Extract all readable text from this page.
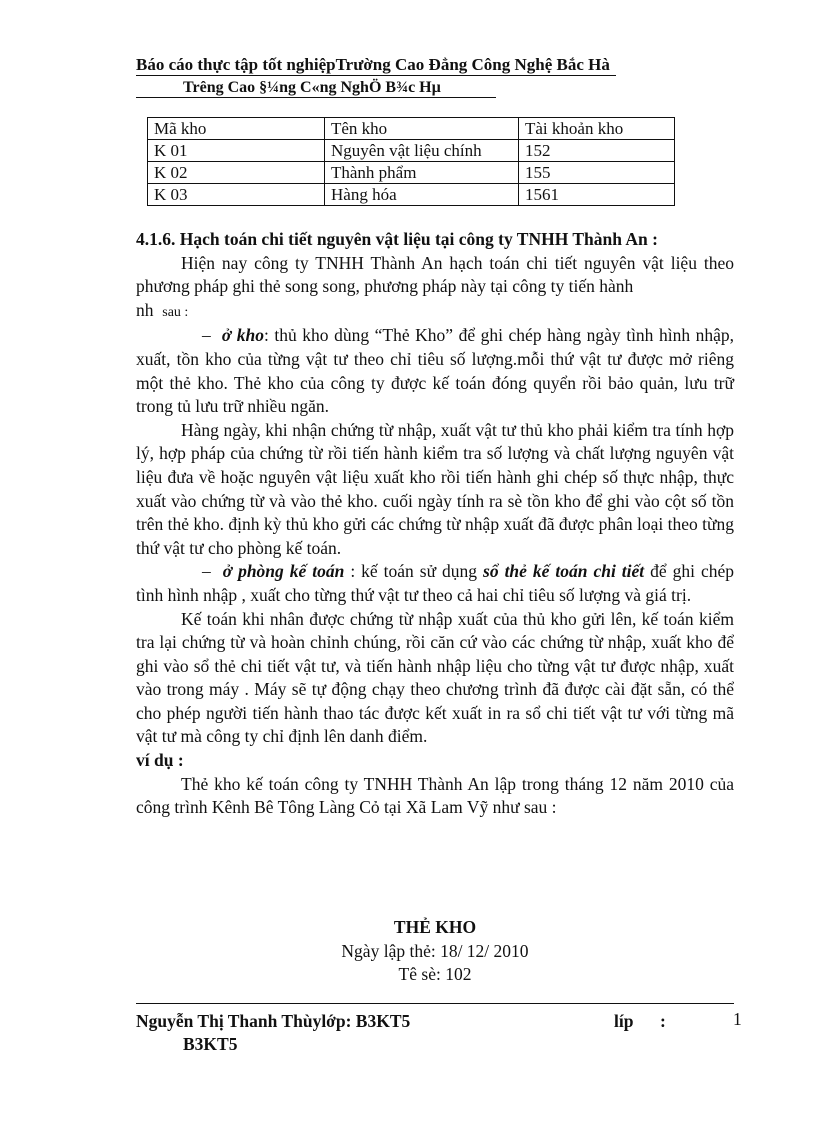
Báo cáo thực tập tốt nghiệpTrường Cao Đẳng Công Nghệ Bắc Hà
Trêng Cao §¼ng C«ng NghÖ B¾c Hµ
Mã kho	Tên kho	Tài khoản kho
K 01	Nguyên vật liệu chính	152
K 02	Thành phẩm	155
K 03	Hàng hóa	1561

4.1.6. Hạch toán chi tiết nguyên vật liệu tại công ty TNHH Thành An :

Hiện nay công ty TNHH Thành An hạch toán chi tiết nguyên vật liệu theo phương pháp ghi thẻ song song, phương pháp này tại công ty tiến hành

nh sau :

– ở kho: thủ kho dùng “Thẻ Kho” để ghi chép hàng ngày tình hình nhập, xuất, tồn kho của từng vật tư theo chỉ tiêu số lượng.mỗi thứ vật tư được mở riêng một thẻ kho. Thẻ kho của công ty được kế toán đóng quyển rồi bảo quản, lưu trữ trong tủ lưu trữ nhiều ngăn.

Hàng ngày, khi nhận chứng từ nhập, xuất vật tư thủ kho phải kiểm tra tính hợp lý, hợp pháp của chứng từ rồi tiến hành kiểm tra số lượng và chất lượng nguyên vật liệu đưa về hoặc nguyên vật liệu xuất kho rồi tiến hành ghi chép số thực nhập, thực xuất vào chứng từ và vào thẻ kho. cuối ngày tính ra sè tồn kho để ghi vào cột số tồn trên thẻ kho. định kỳ thủ kho gửi các chứng từ nhập xuất đã được phân loại theo từng thứ vật tư cho phòng kế toán.

– ở phòng kế toán : kế toán sử dụng sổ thẻ kế toán chi tiết để ghi chép tình hình nhập , xuất cho từng thứ vật tư theo cả hai chỉ tiêu số lượng và giá trị.

Kế toán khi nhân được chứng từ nhập xuất của thủ kho gửi lên, kế toán kiểm tra lại chứng từ và hoàn chỉnh chúng, rồi căn cứ vào các chứng từ nhập, xuất kho để ghi vào sổ thẻ chi tiết vật tư, và tiến hành nhập liệu cho từng vật tư được nhập, xuất vào trong máy . Máy sẽ tự động chạy theo chương trình đã được cài đặt sẵn, có thể cho phép người tiến hành thao tác được kết xuất in ra sổ chi tiết vật tư với từng mã vật tư mà công ty chỉ định lên danh điểm.

ví dụ :

Thẻ kho kế toán công ty TNHH Thành An lập trong tháng 12 năm 2010 của công trình Kênh Bê Tông Làng Cỏ tại Xã Lam Vỹ như sau :

THẺ KHO
Ngày lập thẻ: 18/ 12/ 2010
Tê sè: 102
Nguyễn Thị Thanh Thùylớp: B3KT5	líp :	1
B3KT5
